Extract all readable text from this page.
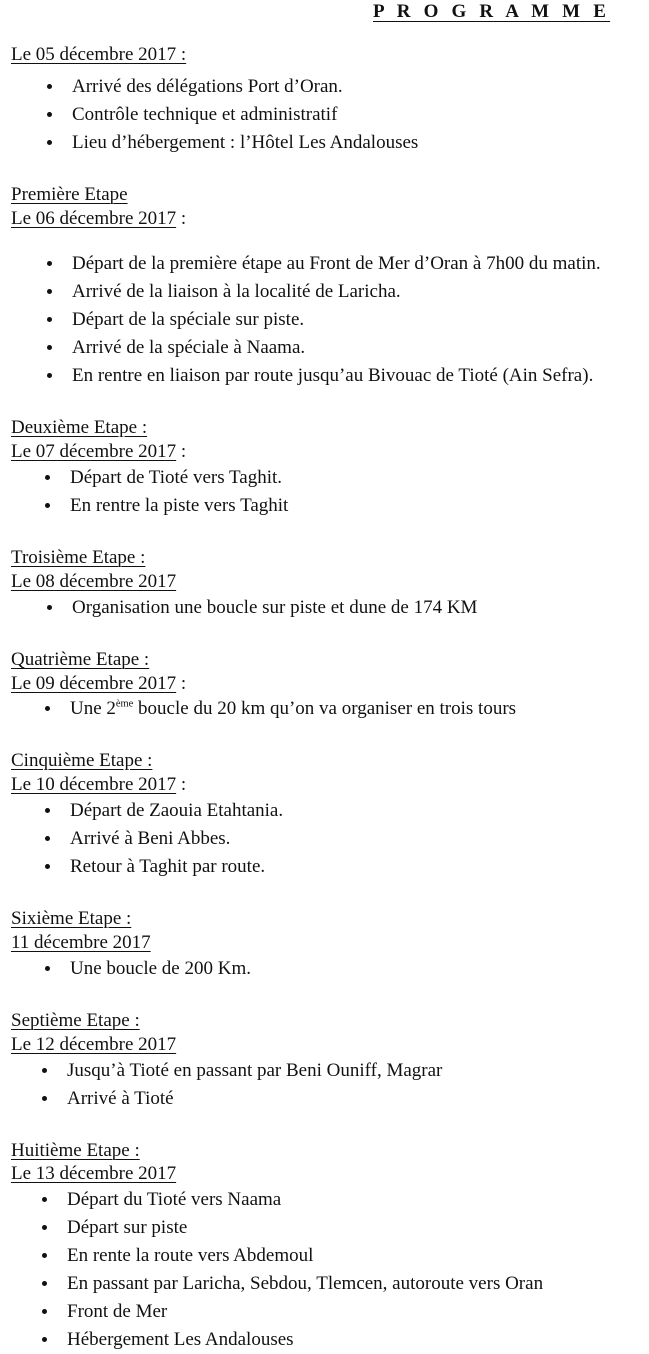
P R O G R A M M E
Le 05 décembre 2017 :
Arrivé des délégations Port d’Oran.
Contrôle technique et administratif
Lieu d’hébergement : l’Hôtel Les Andalouses
Première Etape
Le 06 décembre 2017 :
Départ de la première étape au Front de Mer d’Oran à 7h00 du matin.
Arrivé de la liaison à la localité de Laricha.
Départ de la spéciale sur piste.
Arrivé de la spéciale à Naama.
En rentre en liaison par route jusqu’au Bivouac de Tioté (Ain Sefra).
Deuxième Etape :
Le 07 décembre 2017 :
Départ de Tioté vers Taghit.
En rentre la piste vers Taghit
Troisième Etape :
Le 08 décembre 2017
Organisation une boucle sur piste et dune de 174 KM
Quatrième Etape :
Le 09 décembre 2017 :
Une 2ème boucle du 20 km qu’on va organiser en trois tours
Cinquième Etape :
Le 10 décembre 2017 :
Départ de Zaouia Etahtania.
Arrivé à Beni Abbes.
Retour à Taghit par route.
Sixième Etape :
11 décembre 2017
Une boucle de 200 Km.
Septième Etape :
Le 12 décembre 2017
Jusqu’à Tioté en passant par Beni Ouniff, Magrar
Arrivé à Tioté
Huitième Etape :
Le 13 décembre 2017
Départ du Tioté vers Naama
Départ sur piste
En rente la route vers Abdemoul
En passant par Laricha, Sebdou, Tlemcen, autoroute vers Oran
Front de Mer
Hébergement Les Andalouses
